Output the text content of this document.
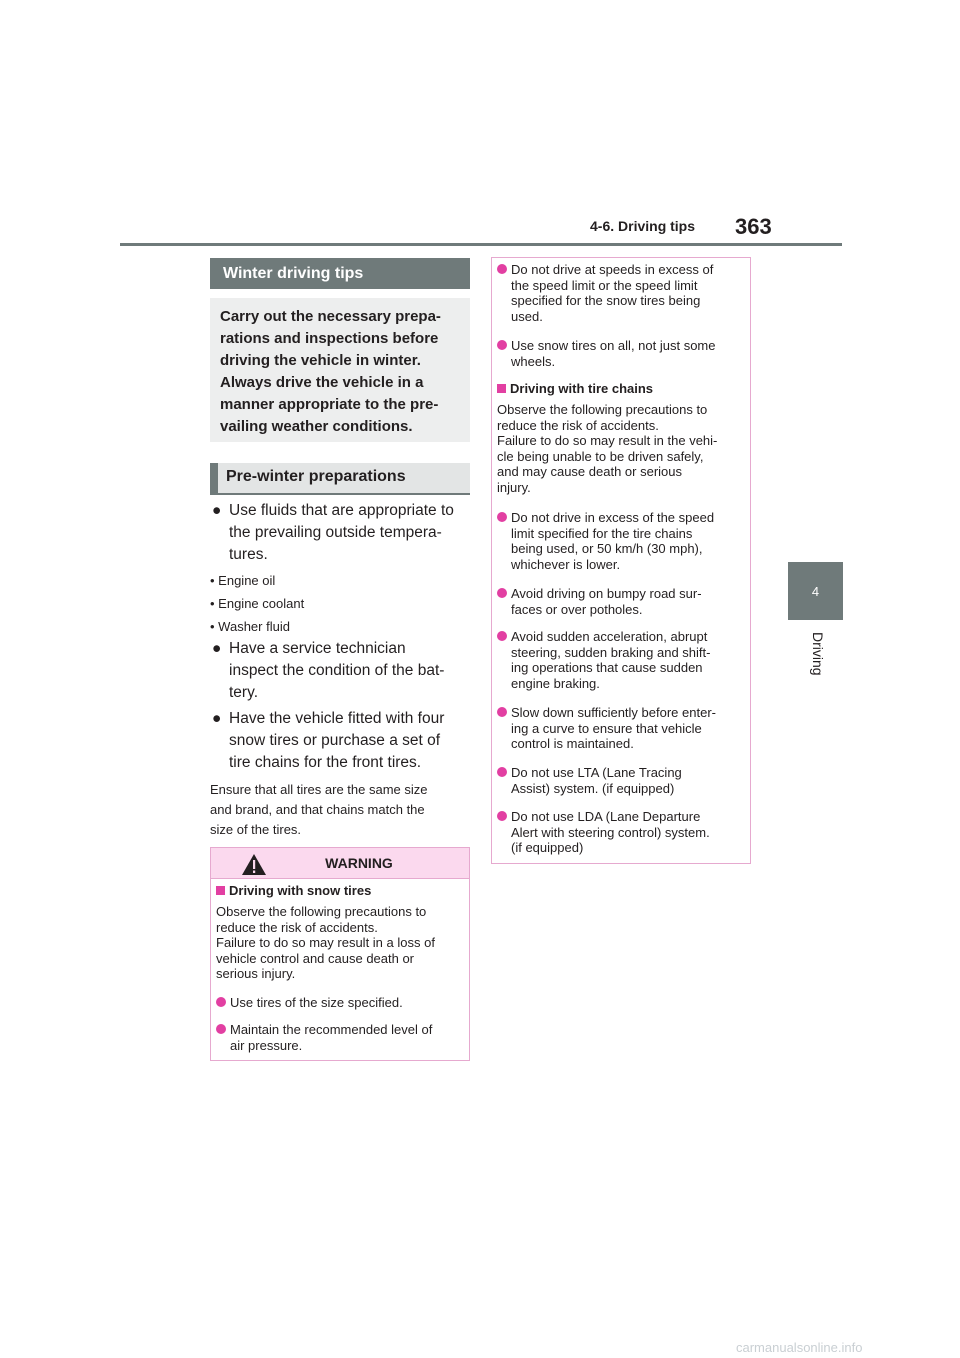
4-6. Driving tips 363
4
Driving
Winter driving tips
Carry out the necessary prepa-
rations and inspections before
driving the vehicle in winter.
Always drive the vehicle in a
manner appropriate to the pre-
vailing weather conditions.
Pre-winter preparations
● Use fluids that are appropriate to
the prevailing outside tempera-
tures.
• Engine oil
• Engine coolant
• Washer fluid
● Have a service technician
inspect the condition of the bat-
tery.
● Have the vehicle fitted with four
snow tires or purchase a set of
tire chains for the front tires.
Ensure that all tires are the same size
and brand, and that chains match the
size of the tires.
WARNING
Driving with snow tires
Observe the following precautions to
reduce the risk of accidents.
Failure to do so may result in a loss of
vehicle control and cause death or
serious injury.
Use tires of the size specified.
Maintain the recommended level of
air pressure.
Do not drive at speeds in excess of
the speed limit or the speed limit
specified for the snow tires being
used.
Use snow tires on all, not just some
wheels.
Driving with tire chains
Observe the following precautions to
reduce the risk of accidents.
Failure to do so may result in the vehi-
cle being unable to be driven safely,
and may cause death or serious
injury.
Do not drive in excess of the speed
limit specified for the tire chains
being used, or 50 km/h (30 mph),
whichever is lower.
Avoid driving on bumpy road sur-
faces or over potholes.
Avoid sudden acceleration, abrupt
steering, sudden braking and shift-
ing operations that cause sudden
engine braking.
Slow down sufficiently before enter-
ing a curve to ensure that vehicle
control is maintained.
Do not use LTA (Lane Tracing
Assist) system. (if equipped)
Do not use LDA (Lane Departure
Alert with steering control) system.
(if equipped)
carmanualsonline.info
